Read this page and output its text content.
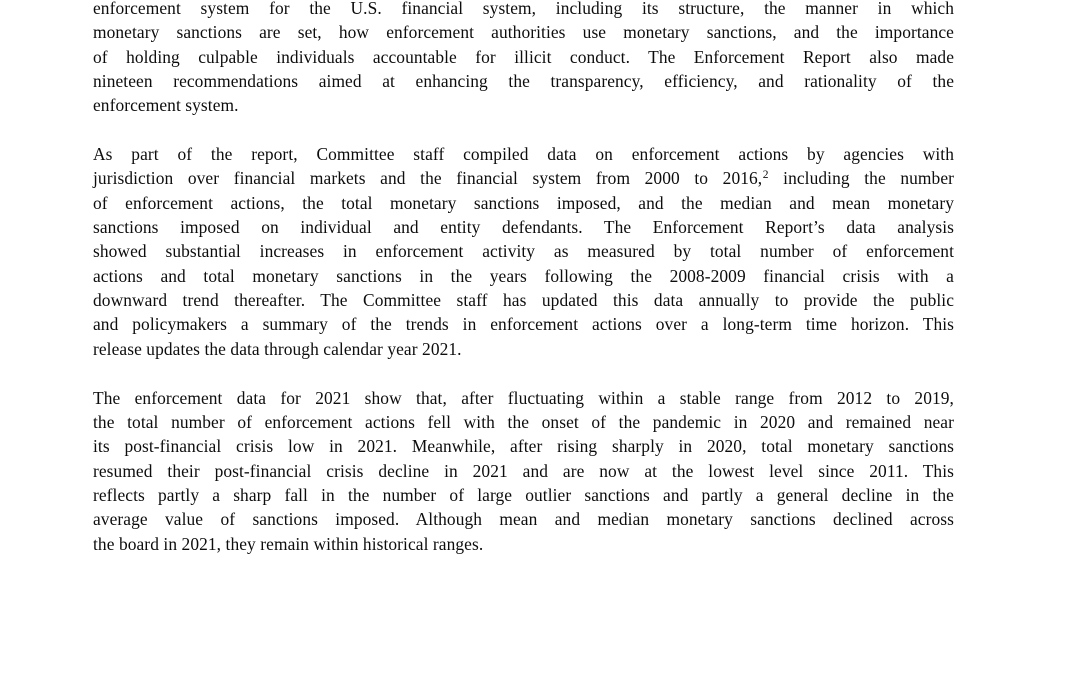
enforcement system for the U.S. financial system, including its structure, the manner in which
monetary sanctions are set, how enforcement authorities use monetary sanctions, and the importance
of holding culpable individuals accountable for illicit conduct. The Enforcement Report also made
nineteen recommendations aimed at enhancing the transparency, efficiency, and rationality of the
enforcement system.

As part of the report, Committee staff compiled data on enforcement actions by agencies with
jurisdiction over financial markets and the financial system from 2000 to 2016,$^2$ including the number
of enforcement actions, the total monetary sanctions imposed, and the median and mean monetary
sanctions imposed on individual and entity defendants. The Enforcement Report’s data analysis
showed substantial increases in enforcement activity as measured by total number of enforcement
actions and total monetary sanctions in the years following the 2008-2009 financial crisis with a
downward trend thereafter. The Committee staff has updated this data annually to provide the public
and policymakers a summary of the trends in enforcement actions over a long-term time horizon. This
release updates the data through calendar year 2021.

The enforcement data for 2021 show that, after fluctuating within a stable range from 2012 to 2019,
the total number of enforcement actions fell with the onset of the pandemic in 2020 and remained near
its post-financial crisis low in 2021. Meanwhile, after rising sharply in 2020, total monetary sanctions
resumed their post-financial crisis decline in 2021 and are now at the lowest level since 2011. This
reflects partly a sharp fall in the number of large outlier sanctions and partly a general decline in the
average value of sanctions imposed. Although mean and median monetary sanctions declined across
the board in 2021, they remain within historical ranges.
